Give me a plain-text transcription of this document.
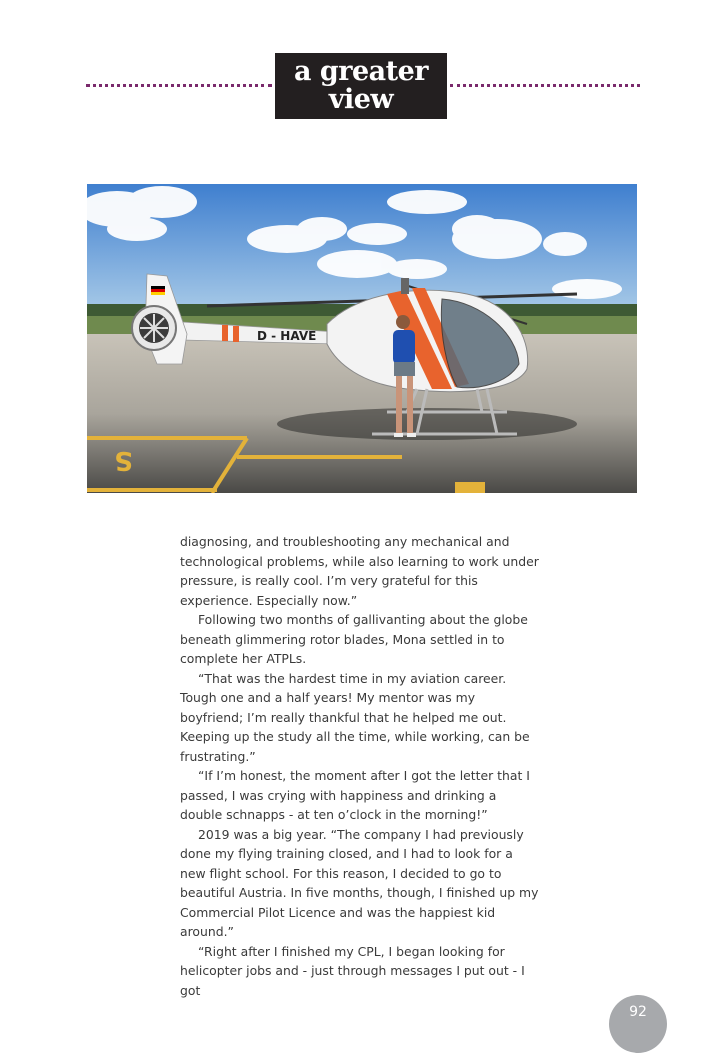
a greater
view
S
D - HAVE

diagnosing, and troubleshooting any mechanical and technological problems, while also learning to work under pressure, is really cool. I’m very grateful for this experience. Especially now.”

Following two months of gallivanting about the globe beneath glimmering rotor blades, Mona settled in to complete her ATPLs.

“That was the hardest time in my aviation career. Tough one and a half years! My mentor was my boyfriend; I’m really thankful that he helped me out. Keeping up the study all the time, while working, can be frustrating.”

“If I’m honest, the moment after I got the letter that I passed, I was crying with happiness and drinking a double schnapps - at ten o’clock in the morning!”

2019 was a big year. “The company I had previously done my flying training closed, and I had to look for a new flight school. For this reason, I decided to go to beautiful Austria. In five months, though, I finished up my Commercial Pilot Licence and was the happiest kid around.”

“Right after I finished my CPL, I began looking for helicopter jobs and - just through messages I put out - I got

92
